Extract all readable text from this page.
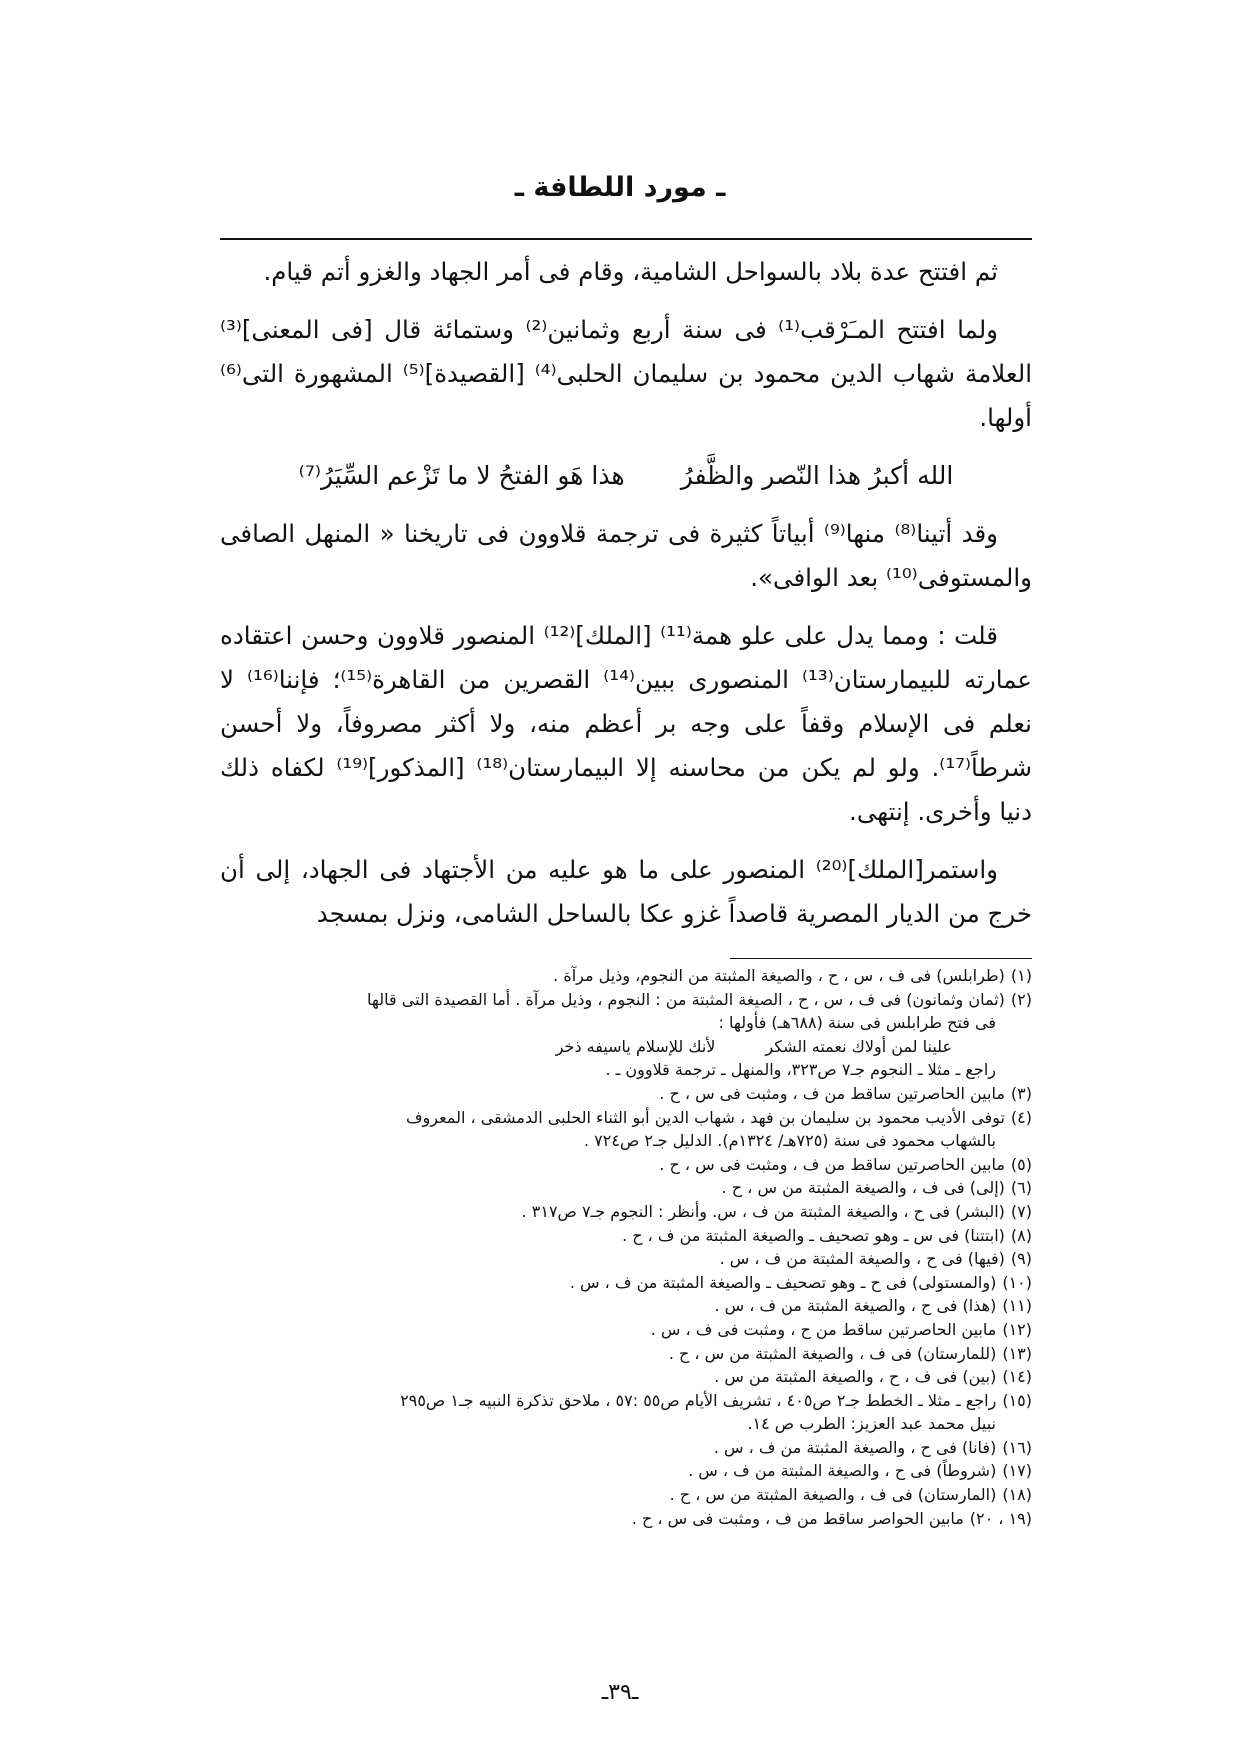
ـ مورد اللطافة ـ

ثم افتتح عدة بلاد بالسواحل الشامية، وقام فى أمر الجهاد والغزو أتم قيام.

ولما افتتح المـَرْقب⁽¹⁾ فى سنة أربع وثمانين⁽²⁾ وستمائة قال [فى المعنى]⁽³⁾ العلامة شهاب الدين محمود بن سليمان الحلبى⁽⁴⁾ [القصيدة]⁽⁵⁾ المشهورة التى⁽⁶⁾ أولها.

الله أكبرُ هذا النّصر والظَّفرُ
هذا هَو الفتحُ لا ما تَزْعم السِّيَرُ⁽⁷⁾

وقد أتينا⁽⁸⁾ منها⁽⁹⁾ أبياتاً كثيرة فى ترجمة قلاوون فى تاريخنا « المنهل الصافى والمستوفى⁽¹⁰⁾ بعد الوافى».

قلت : ومما يدل على علو همة⁽¹¹⁾ [الملك]⁽¹²⁾ المنصور قلاوون وحسن اعتقاده عمارته للبيمارستان⁽¹³⁾ المنصورى ببين⁽¹⁴⁾ القصرين من القاهرة⁽¹⁵⁾؛ فإننا⁽¹⁶⁾ لا نعلم فى الإسلام وقفاً على وجه بر أعظم منه، ولا أكثر مصروفاً، ولا أحسن شرطاً⁽¹⁷⁾. ولو لم يكن من محاسنه إلا البيمارستان⁽¹⁸⁾ [المذكور]⁽¹⁹⁾ لكفاه ذلك دنيا وأخرى. إنتهى.

واستمر[الملك]⁽²⁰⁾ المنصور على ما هو عليه من الأجتهاد فى الجهاد، إلى أن خرج من الديار المصرية قاصداً غزو عكا بالساحل الشامى، ونزل بمسجد

(١)(طرابلس) فى ف ، س ، ح ، والصيغة المثبتة من النجوم، وذيل مرآة .
(٢)(ثمان وثمانون) فى ف ، س ، ح ، الصيغة المثبتة من : النجوم ، وذيل مرآة . أما القصيدة التى قالها
فى فتح طرابلس فى سنة (٦٨٨هـ) فأولها :
علينا لمن أولاك نعمته الشكر
لأنك للإسلام ياسيفه ذخر
راجع ـ مثلا ـ النجوم جـ٧ ص٣٢٣، والمنهل ـ ترجمة قلاوون ـ .
(٣)مابين الحاصرتين ساقط من ف ، ومثبت فى س ، ح .
(٤)توفى الأديب محمود بن سليمان بن فهد ، شهاب الدين أبو الثناء الحلبى الدمشقى ، المعروف
بالشهاب محمود فى سنة (٧٢٥هـ/ ١٣٢٤م). الدليل جـ٢ ص٧٢٤ .
(٥)مابين الحاصرتين ساقط من ف ، ومثبت فى س ، ح .
(٦)(إلى) فى ف ، والصيغة المثبتة من س ، ح .
(٧)(البشر) فى ح ، والصيغة المثبتة من ف ، س. وأنظر : النجوم جـ٧ ص٣١٧ .
(٨)(ابتتنا) فى س ـ وهو تصحيف ـ والصيغة المثبتة من ف ، ح .
(٩)(فيها) فى ح ، والصيغة المثبتة من ف ، س .
(١٠)(والمستولى) فى ح ـ وهو تصحيف ـ والصيغة المثبتة من ف ، س .
(١١)(هذا) فى ح ، والصيغة المثبتة من ف ، س .
(١٢)مابين الحاصرتين ساقط من ح ، ومثبت فى ف ، س .
(١٣)(للمارستان) فى ف ، والصيغة المثبتة من س ، ح .
(١٤)(بين) فى ف ، ح ، والصيغة المثبتة من س .
(١٥)راجع ـ مثلا ـ الخطط جـ٢ ص٤٠٥ ، تشريف الأيام ص٥٥ :٥٧ ، ملاحق تذكرة النبيه جـ١ ص٢٩٥
نبيل محمد عبد العزيز: الطرب ص ١٤.
(١٦)(فانا) فى ح ، والصيغة المثبتة من ف ، س .
(١٧)(شروطاً) فى ح ، والصيغة المثبتة من ف ، س .
(١٨)(المارستان) فى ف ، والصيغة المثبتة من س ، ح .
(١٩ ، ٢٠)مابين الحواصر ساقط من ف ، ومثبت فى س ، ح .
ـ٣٩ـ
